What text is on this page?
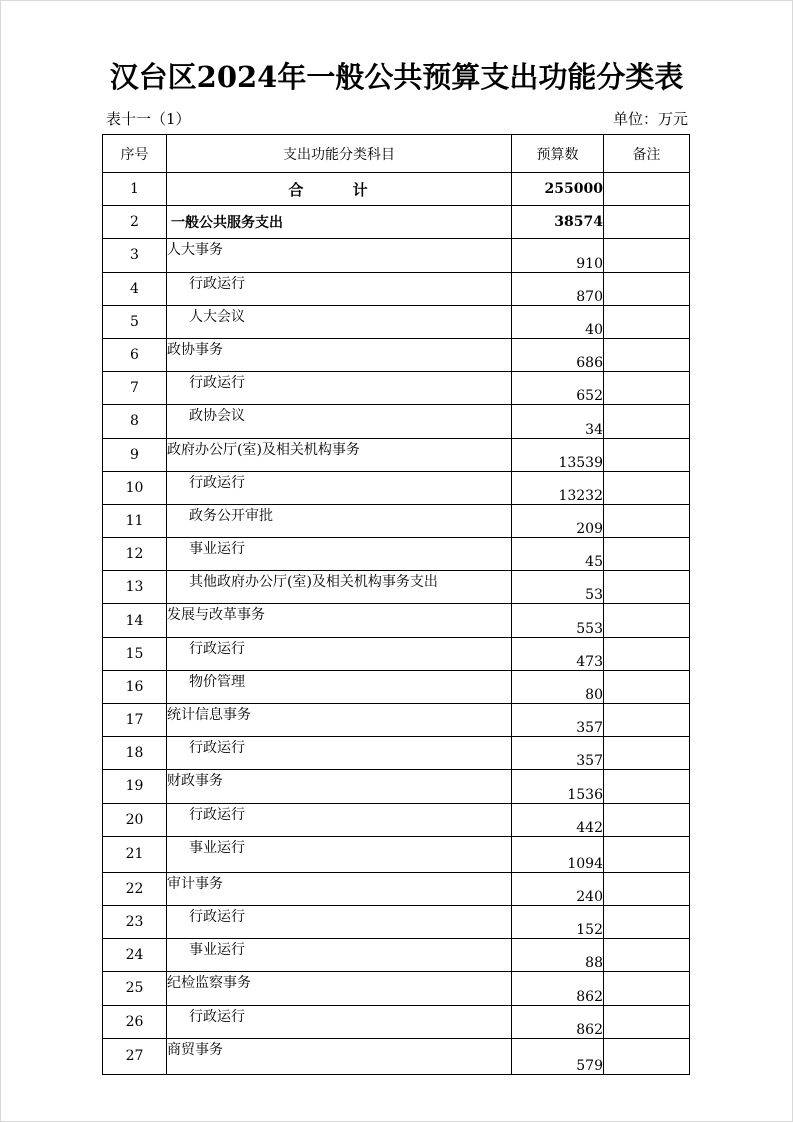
汉台区2024年一般公共预算支出功能分类表
表十一（1）	单位：万元
序号	支出功能分类科目	预算数	备注
1	合 计	255000	
2	一般公共服务支出	38574	
3	人大事务	910	
4	行政运行	870	
5	人大会议	40	
6	政协事务	686	
7	行政运行	652	
8	政协会议	34	
9	政府办公厅(室)及相关机构事务	13539	
10	行政运行	13232	
11	政务公开审批	209	
12	事业运行	45	
13	其他政府办公厅(室)及相关机构事务支出	53	
14	发展与改革事务	553	
15	行政运行	473	
16	物价管理	80	
17	统计信息事务	357	
18	行政运行	357	
19	财政事务	1536	
20	行政运行	442	
21	事业运行	1094	
22	审计事务	240	
23	行政运行	152	
24	事业运行	88	
25	纪检监察事务	862	
26	行政运行	862	
27	商贸事务	579	
